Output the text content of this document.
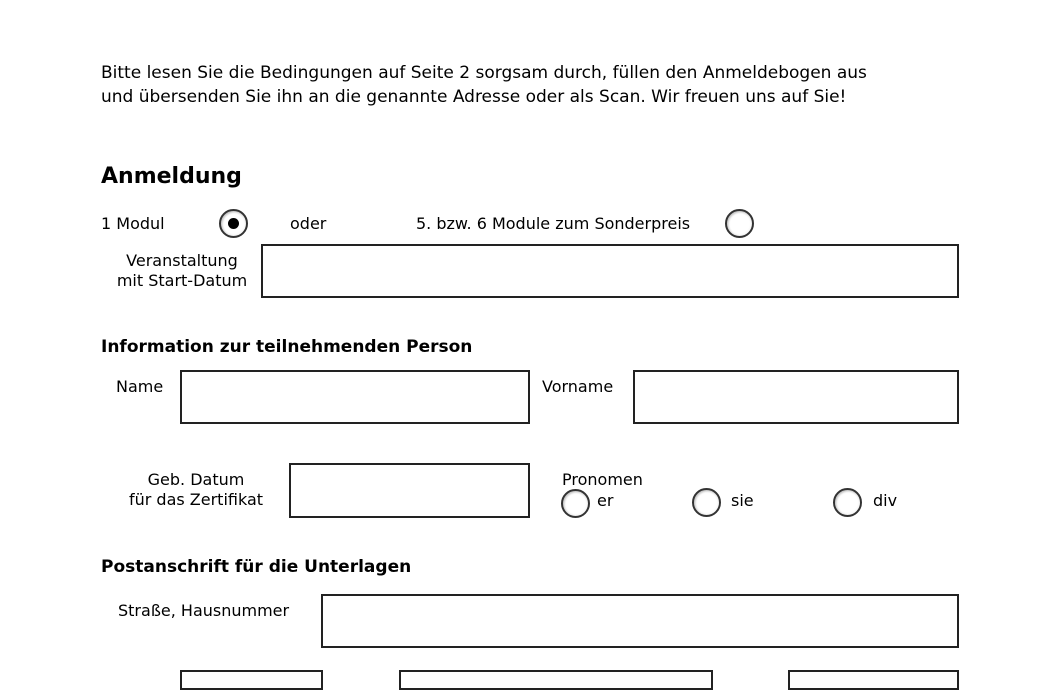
Bitte lesen Sie die Bedingungen auf Seite 2 sorgsam durch, füllen den Anmeldebogen aus
und übersenden Sie ihn an die genannte Adresse oder als Scan. Wir freuen uns auf Sie!
Anmeldung
1 Modul	oder	5. bzw. 6 Module zum Sonderpreis
Veranstaltung
mit Start-Datum
Information zur teilnehmenden Person
Name	Vorname
Geb. Datum
für das Zertifikat
Pronomen
er	sie	div
Postanschrift für die Unterlagen
Straße, Hausnummer
